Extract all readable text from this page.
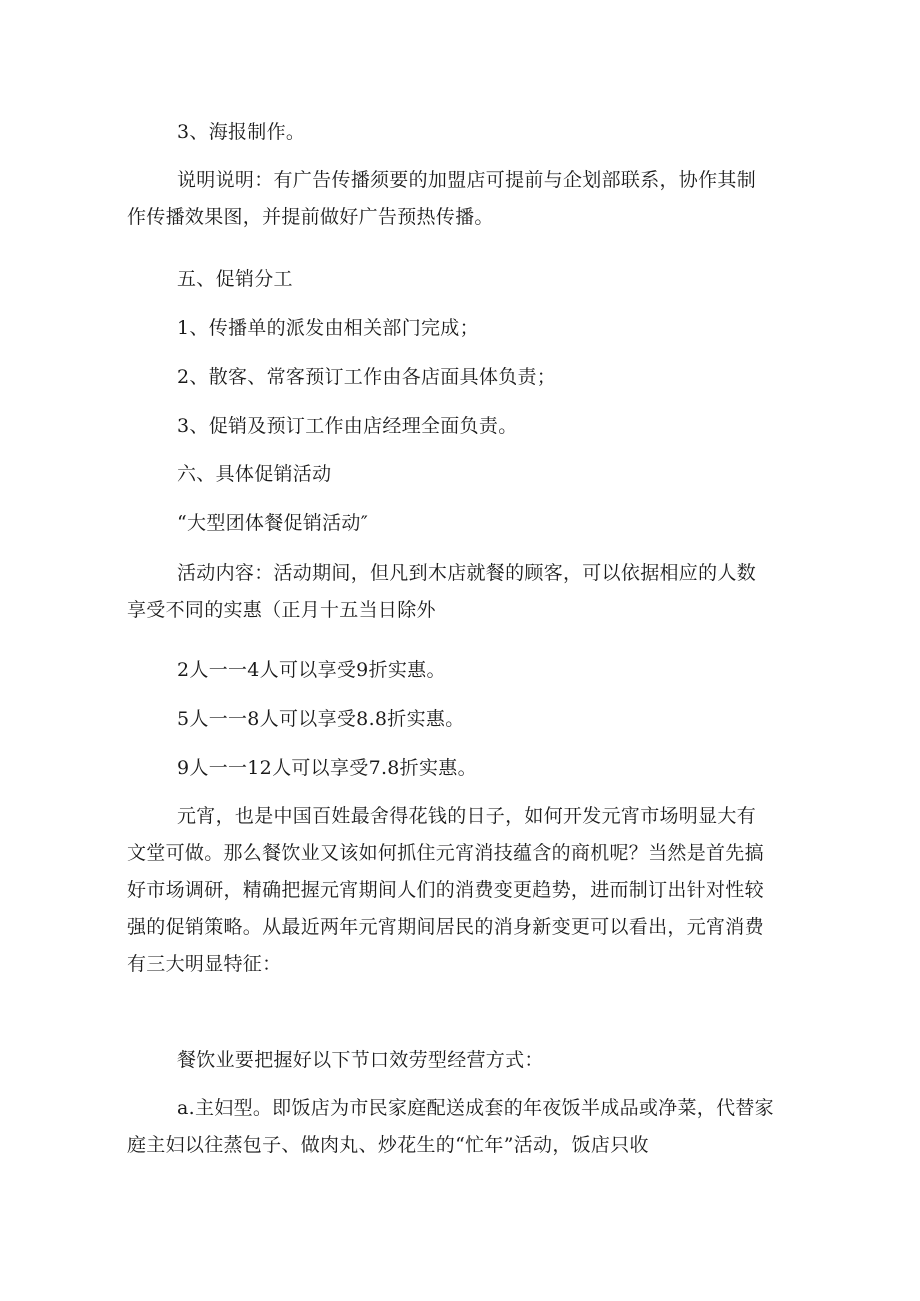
3、海报制作。

说明说明：有广告传播须要的加盟店可提前与企划部联系，协作其制
作传播效果图，并提前做好广告预热传播。

五、促销分工

1、传播单的派发由相关部门完成；

2、散客、常客预订工作由各店面具体负责；

3、促销及预订工作由店经理全面负责。

六、具体促销活动

“大型团体餐促销活动″

活动内容：活动期间，但凡到木店就餐的顾客，可以依据相应的人数
享受不同的实惠（正月十五当日除外

2人一一4人可以享受9折实惠。

5人一一8人可以享受8.8折实惠。

9人一一12人可以享受7.8折实惠。

元宵，也是中国百姓最舍得花钱的日子，如何开发元宵市场明显大有
文堂可做。那么餐饮业又该如何抓住元宵消技蕴含的商机呢？当然是首先搞
好市场调研，精确把握元宵期间人们的消费变更趋势，进而制订出针对性较
强的促销策略。从最近两年元宵期间居民的消身新变更可以看出，元宵消费
有三大明显特征：

餐饮业要把握好以下节口效劳型经营方式：

a.主妇型。即饭店为市民家庭配送成套的年夜饭半成品或净菜，代替家
庭主妇以往蒸包子、做肉丸、炒花生的“忙年”活动，饭店只收
